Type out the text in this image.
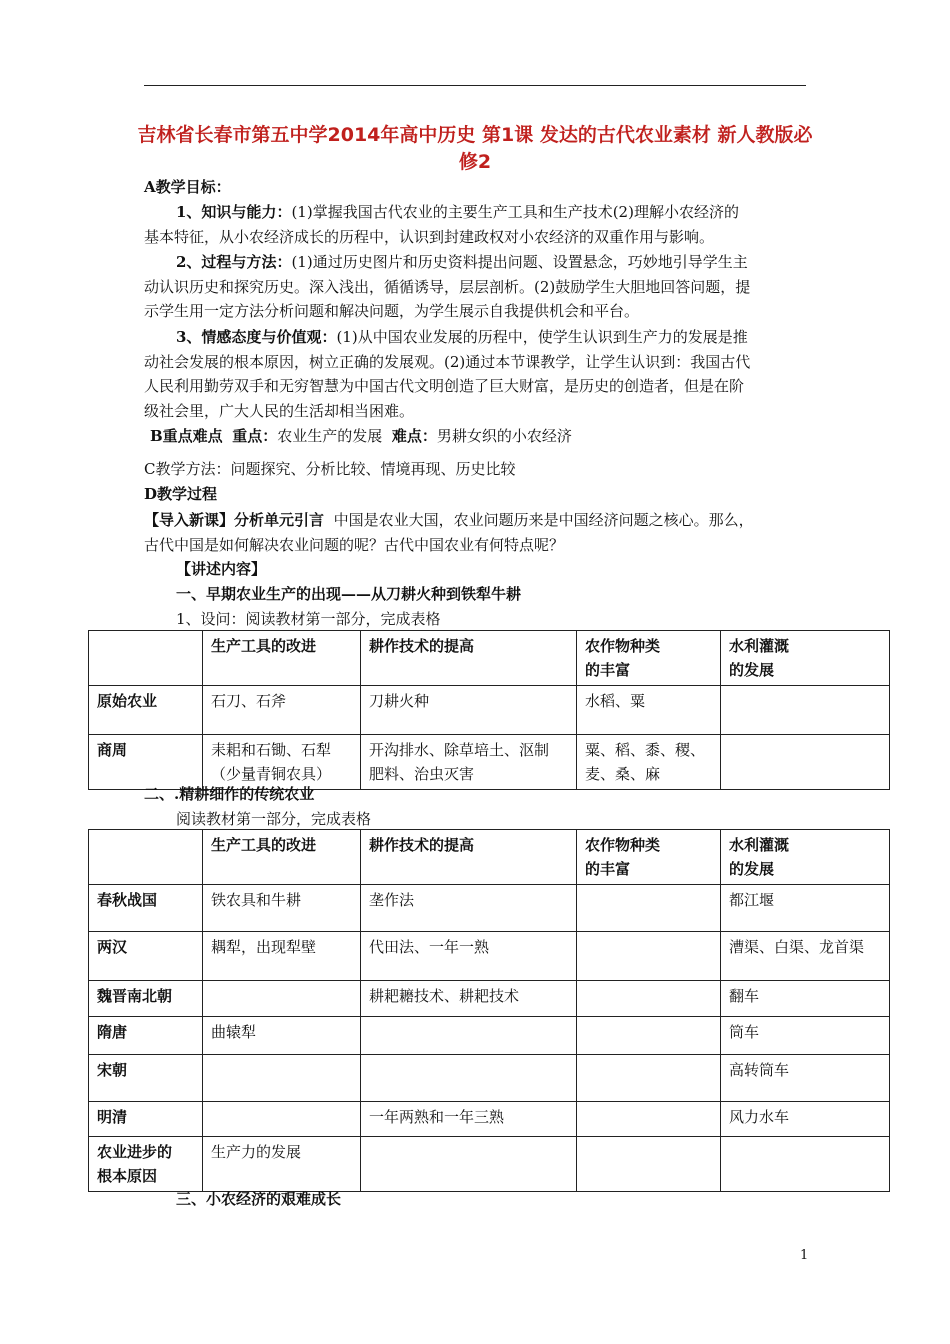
吉林省长春市第五中学2014年高中历史 第1课 发达的古代农业素材 新人教版必修2
A教学目标：
1、知识与能力：(1)掌握我国古代农业的主要生产工具和生产技术(2)理解小农经济的
基本特征，从小农经济成长的历程中，认识到封建政权对小农经济的双重作用与影响。
2、过程与方法：(1)通过历史图片和历史资料提出问题、设置悬念，巧妙地引导学生主
动认识历史和探究历史。深入浅出，循循诱导，层层剖析。(2)鼓励学生大胆地回答问题，提
示学生用一定方法分析问题和解决问题，为学生展示自我提供机会和平台。
3、情感态度与价值观：(1)从中国农业发展的历程中，使学生认识到生产力的发展是推
动社会发展的根本原因，树立正确的发展观。(2)通过本节课教学，让学生认识到：我国古代
人民利用勤劳双手和无穷智慧为中国古代文明创造了巨大财富，是历史的创造者，但是在阶
级社会里，广大人民的生活却相当困难。
B重点难点 重点：农业生产的发展 难点：男耕女织的小农经济
C教学方法：问题探究、分析比较、情境再现、历史比较
D教学过程
【导入新课】分析单元引言 中国是农业大国，农业问题历来是中国经济问题之核心。那么，
古代中国是如何解决农业问题的呢？古代中国农业有何特点呢？
【讲述内容】
一、早期农业生产的出现——从刀耕火种到铁犁牛耕
1、设问：阅读教材第一部分，完成表格
	生产工具的改进	耕作技术的提高	农作物种类
的丰富	水利灌溉
的发展
原始农业	石刀、石斧	刀耕火种	水稻、粟	
商周	耒耜和石锄、石犁
（少量青铜农具）	开沟排水、除草培土、沤制
肥料、治虫灭害	粟、稻、黍、稷、
麦、桑、麻	
二、.精耕细作的传统农业
阅读教材第一部分，完成表格
	生产工具的改进	耕作技术的提高	农作物种类
的丰富	水利灌溉
的发展
春秋战国	铁农具和牛耕	垄作法		都江堰
两汉	耦犁，出现犁壁	代田法、一年一熟		漕渠、白渠、龙首渠
魏晋南北朝		耕耙耱技术、耕耙技术		翻车
隋唐	曲辕犁			筒车
宋朝				高转筒车
明清		一年两熟和一年三熟		风力水车
农业进步的
根本原因	生产力的发展			
三、小农经济的艰难成长
1
